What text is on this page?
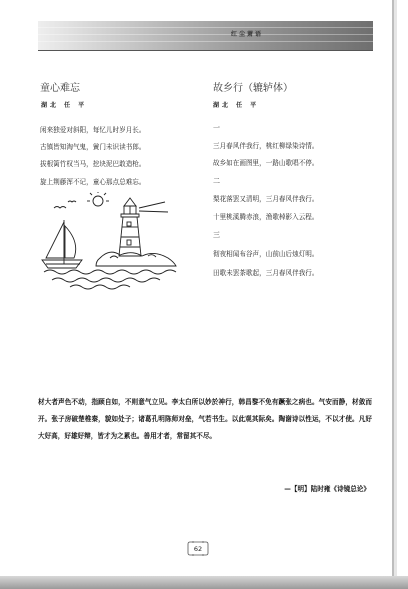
红尘萧语
童心难忘
湖北 任 平
闲来独爱对斜阳，每忆儿时岁月长。
古镇皆知淘气鬼，黉门未识读书郎。
拔根篱竹权当马，挖块泥巴敢造枪。
旋上荆藤浑不记，童心那点总难忘。
故乡行（辘轳体）
湖北 任 平
一
三月春风伴我行，桃红柳绿染诗情。
故乡如在画图里，一路山歌唱不停。
二
梨花落罢又清明，三月春风伴我行。
十里桃溪腾赤浪，渔歌棹影入云程。
三
彻夜相闻布谷声，山前山后烛灯明。
田歌未罢茶歌起，三月春风伴我行。
材大者声色不动，指顾自如，不则意气立见。李太白所以妙於神行，韩昌黎不免有蹶张之病也。气安而静，材敛而开。张子房破楚椎秦，貌如处子；诸葛孔明陈师对垒，气若书生。以此观其际矣。陶谢诗以性运，不以才使。凡好大好高，好雄好辩，皆才为之累也。善用才者，常留其不尽。
—【明】陆时雍《诗镜总论》
62
